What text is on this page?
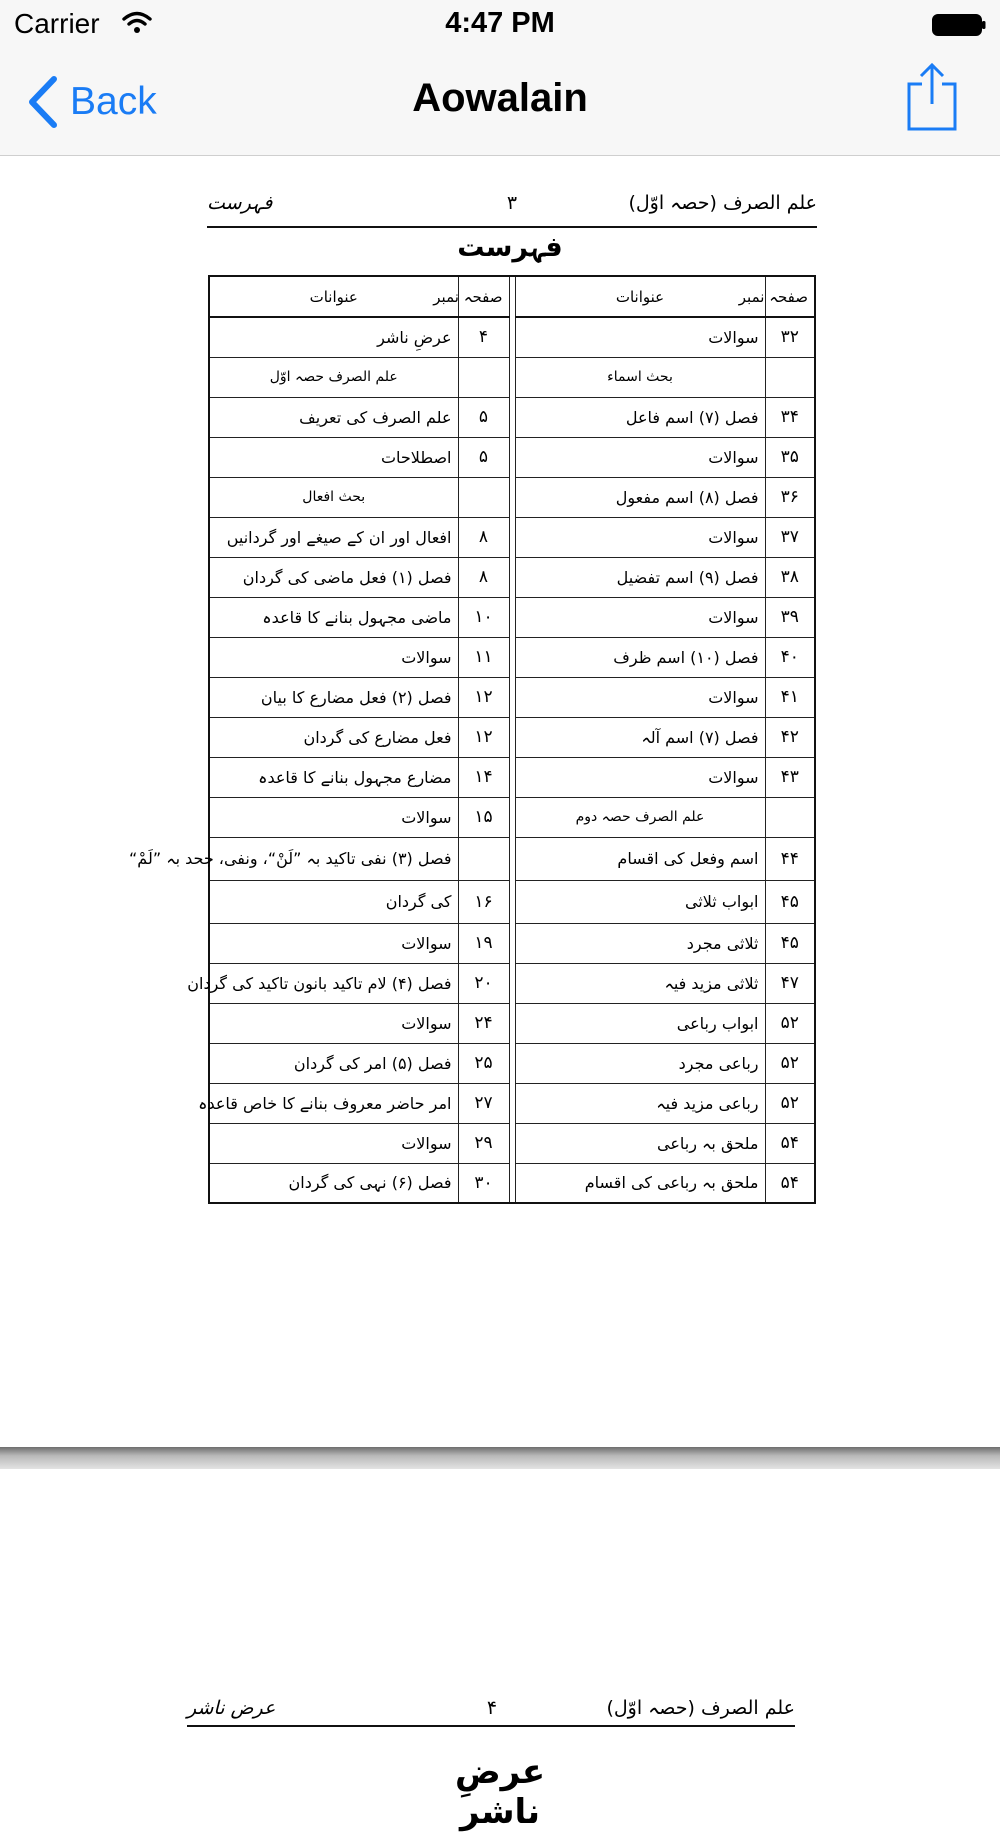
Carrier	4:47 PM
Back	Aowalain
علم الصرف (حصہ اوّل)
۳
فہرست
فہرست
صفحہ نمبر	عنوانات		صفحہ نمبر	عنوانات
۳۲	سوالات		۴	عرضِ ناشر
	بحث اسماء			علم الصرف حصہ اوّل
۳۴	فصل (۷) اسم فاعل		۵	علم الصرف کی تعریف
۳۵	سوالات		۵	اصطلاحات
۳۶	فصل (۸) اسم مفعول			بحث افعال
۳۷	سوالات		۸	افعال اور ان کے صیغے اور گردانیں
۳۸	فصل (۹) اسم تفضیل		۸	فصل (۱) فعل ماضی کی گردان
۳۹	سوالات		۱۰	ماضی مجہول بنانے کا قاعدہ
۴۰	فصل (۱۰) اسم ظرف		۱۱	سوالات
۴۱	سوالات		۱۲	فصل (۲) فعل مضارع کا بیان
۴۲	فصل (۷) اسم آلہ		۱۲	فعل مضارع کی گردان
۴۳	سوالات		۱۴	مضارع مجہول بنانے کا قاعدہ
	علم الصرف حصہ دوم		۱۵	سوالات
۴۴	اسم وفعل کی اقسام			فصل (۳) نفی تاکید بہ ”لَنْ“، ونفی، جحد بہ ”لَمْ“
۴۵	ابواب ثلاثی		۱۶	کی گردان
۴۵	ثلاثی مجرد		۱۹	سوالات
۴۷	ثلاثی مزید فیہ		۲۰	فصل (۴) لام تاکید بانون تاکید کی گردان
۵۲	ابواب رباعی		۲۴	سوالات
۵۲	رباعی مجرد		۲۵	فصل (۵) امر کی گردان
۵۲	رباعی مزید فیہ		۲۷	امر حاضر معروف بنانے کا خاص قاعدہ
۵۴	ملحق بہ رباعی		۲۹	سوالات
۵۴	ملحق بہ رباعی کی اقسام		۳۰	فصل (۶) نہی کی گردان
علم الصرف (حصہ اوّل)
۴
عرض ناشر
عرضِ ناشر
